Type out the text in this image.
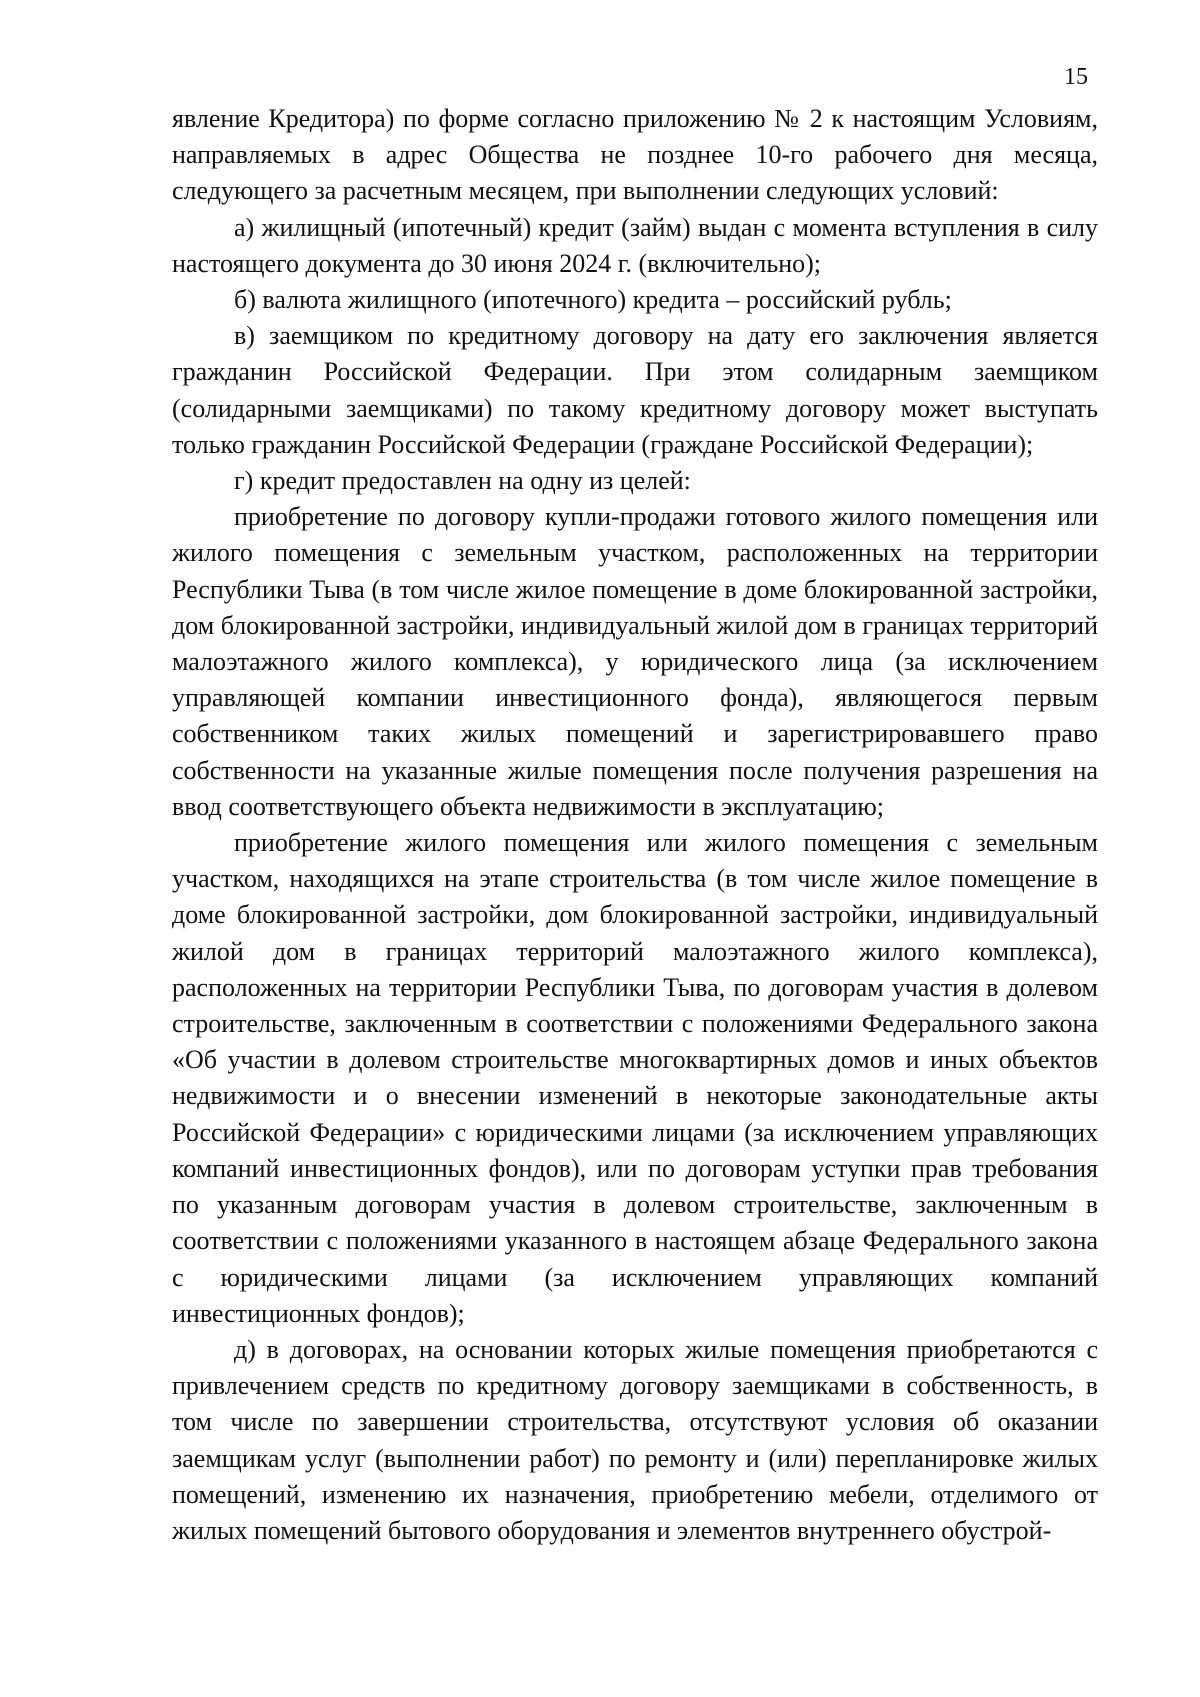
15

явление Кредитора) по форме согласно приложению № 2 к настоящим Условиям, направляемых в адрес Общества не позднее 10-го рабочего дня месяца, следующего за расчетным месяцем, при выполнении следующих условий:

а) жилищный (ипотечный) кредит (займ) выдан с момента вступления в силу настоящего документа до 30 июня 2024 г. (включительно);

б) валюта жилищного (ипотечного) кредита – российский рубль;

в) заемщиком по кредитному договору на дату его заключения является гражданин Российской Федерации. При этом солидарным заемщиком (солидарными заемщиками) по такому кредитному договору может выступать только гражданин Российской Федерации (граждане Российской Федерации);

г) кредит предоставлен на одну из целей:

приобретение по договору купли-продажи готового жилого помещения или жилого помещения с земельным участком, расположенных на территории Республики Тыва (в том числе жилое помещение в доме блокированной застройки, дом блокированной застройки, индивидуальный жилой дом в границах территорий малоэтажного жилого комплекса), у юридического лица (за исключением управляющей компании инвестиционного фонда), являющегося первым собственником таких жилых помещений и зарегистрировавшего право собственности на указанные жилые помещения после получения разрешения на ввод соответствующего объекта недвижимости в эксплуатацию;

приобретение жилого помещения или жилого помещения с земельным участком, находящихся на этапе строительства (в том числе жилое помещение в доме блокированной застройки, дом блокированной застройки, индивидуальный жилой дом в границах территорий малоэтажного жилого комплекса), расположенных на территории Республики Тыва, по договорам участия в долевом строительстве, заключенным в соответствии с положениями Федерального закона «Об участии в долевом строительстве многоквартирных домов и иных объектов недвижимости и о внесении изменений в некоторые законодательные акты Российской Федерации» с юридическими лицами (за исключением управляющих компаний инвестиционных фондов), или по договорам уступки прав требования по указанным договорам участия в долевом строительстве, заключенным в соответствии с положениями указанного в настоящем абзаце Федерального закона с юридическими лицами (за исключением управляющих компаний инвестиционных фондов);

д) в договорах, на основании которых жилые помещения приобретаются с привлечением средств по кредитному договору заемщиками в собственность, в том числе по завершении строительства, отсутствуют условия об оказании заемщикам услуг (выполнении работ) по ремонту и (или) перепланировке жилых помещений, изменению их назначения, приобретению мебели, отделимого от жилых помещений бытового оборудования и элементов внутреннего обустрой-
